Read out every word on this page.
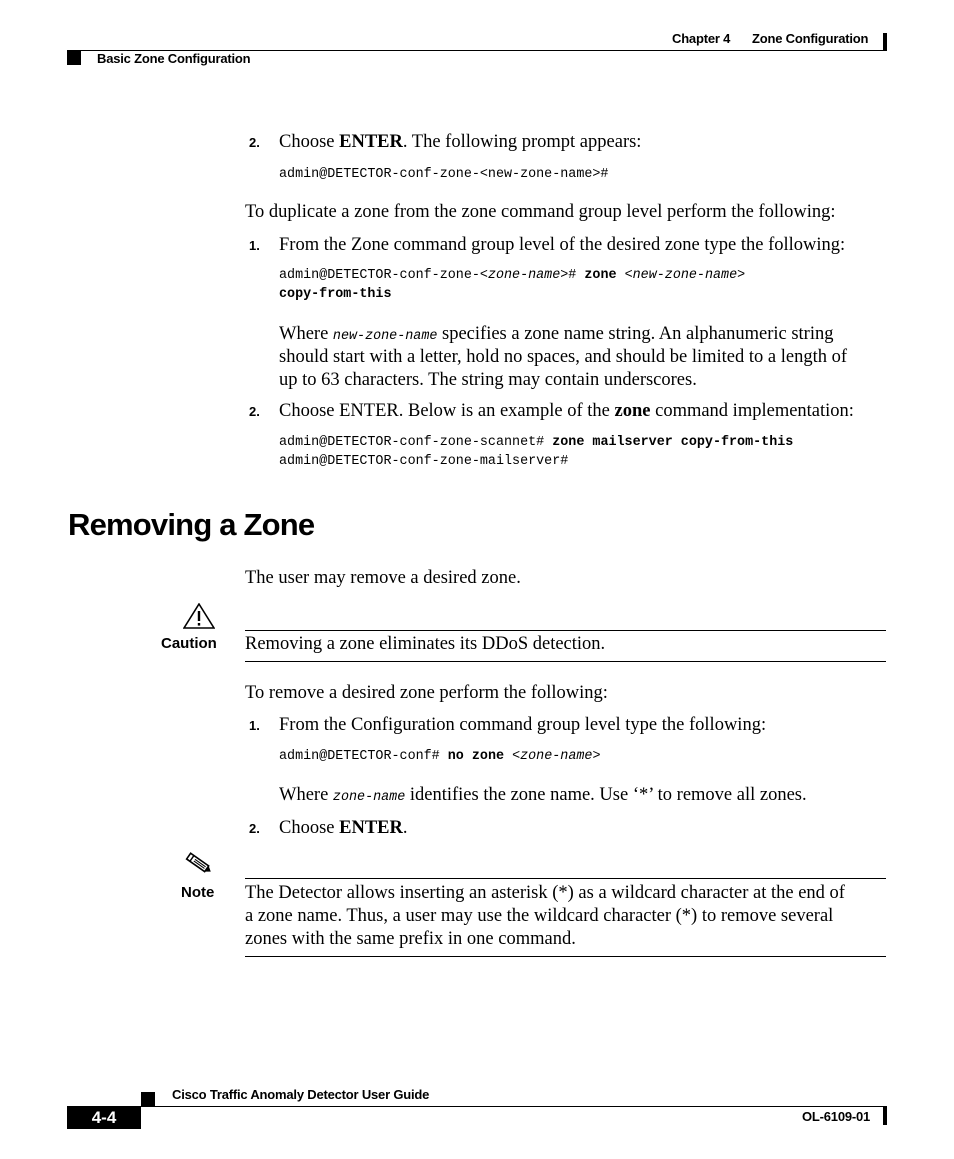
Chapter 4 Zone Configuration
Basic Zone Configuration
2. Choose ENTER. The following prompt appears:
admin@DETECTOR-conf-zone-<new-zone-name>#
To duplicate a zone from the zone command group level perform the following:
1. From the Zone command group level of the desired zone type the following:
admin@DETECTOR-conf-zone-<zone-name># zone <new-zone-name>
copy-from-this
Where new-zone-name specifies a zone name string. An alphanumeric string
should start with a letter, hold no spaces, and should be limited to a length of
up to 63 characters. The string may contain underscores.
2. Choose ENTER. Below is an example of the zone command implementation:
admin@DETECTOR-conf-zone-scannet# zone mailserver copy-from-this
admin@DETECTOR-conf-zone-mailserver#
Removing a Zone
The user may remove a desired zone.
Caution Removing a zone eliminates its DDoS detection.
To remove a desired zone perform the following:
1. From the Configuration command group level type the following:
admin@DETECTOR-conf# no zone <zone-name>
Where zone-name identifies the zone name. Use ‘*’ to remove all zones.
2. Choose ENTER.
Note The Detector allows inserting an asterisk (*) as a wildcard character at the end of
a zone name. Thus, a user may use the wildcard character (*) to remove several
zones with the same prefix in one command.
Cisco Traffic Anomaly Detector User Guide
4-4	OL-6109-01
